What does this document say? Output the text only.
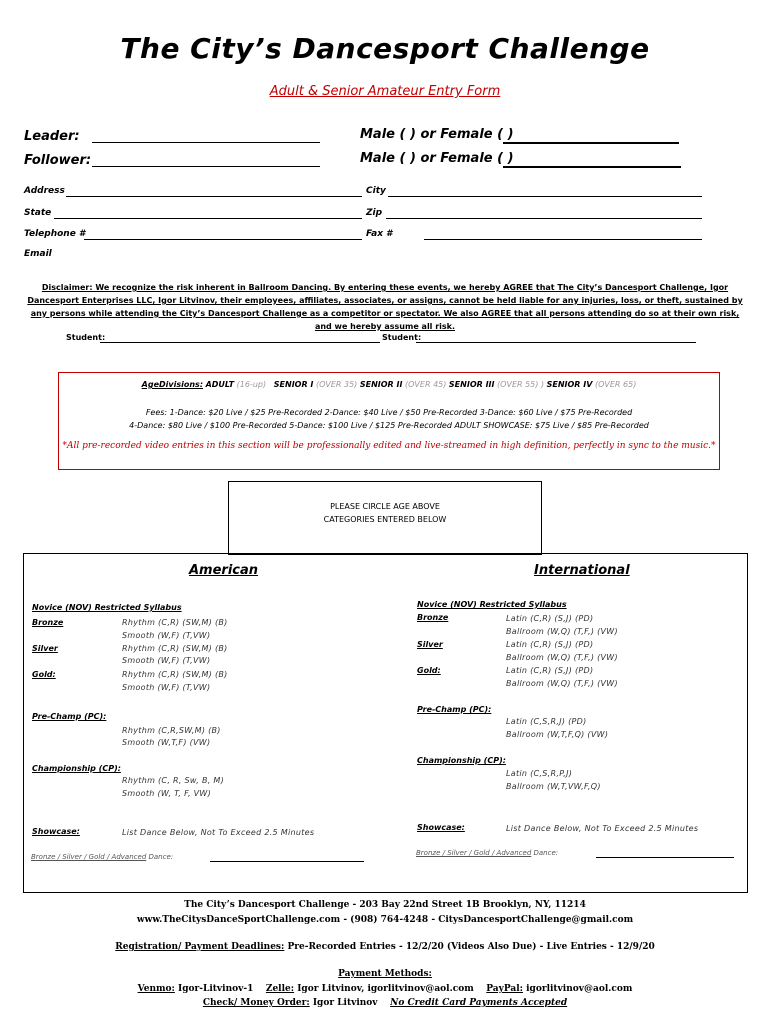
The City’s Dancesport Challenge
Adult & Senior Amateur Entry Form
Leader:	Male ( ) or Female ( )
Follower:	Male ( ) or Female ( )
Address	City
State	Zip
Telephone #	Fax #
Email
Disclaimer: We recognize the risk inherent in Ballroom Dancing. By entering these events, we hereby AGREE that The City’s Dancesport Challenge, Igor Dancesport Enterprises LLC, Igor Litvinov, their employees, affiliates, associates, or assigns, cannot be held liable for any injuries, loss, or theft, sustained by any persons while attending the City’s Dancesport Challenge as a competitor or spectator. We also AGREE that all persons attending do so at their own risk, and we hereby assume all risk.
Student:	Student:
AgeDivisions: ADULT (16-up) SENIOR I (OVER 35) SENIOR II (OVER 45) SENIOR III (OVER 55) ) SENIOR IV (OVER 65)
Fees: 1-Dance: $20 Live / $25 Pre-Recorded 2-Dance: $40 Live / $50 Pre-Recorded 3-Dance: $60 Live / $75 Pre-Recorded
4-Dance: $80 Live / $100 Pre-Recorded 5-Dance: $100 Live / $125 Pre-Recorded ADULT SHOWCASE: $75 Live / $85 Pre-Recorded
*All pre-recorded video entries in this section will be professionally edited and live-streamed in high definition, perfectly in sync to the music.*
PLEASE CIRCLE AGE ABOVE
CATEGORIES ENTERED BELOW
American
Novice (NOV) Restricted Syllabus
Bronze	Rhythm (C,R) (SW,M) (B)
Smooth (W,F) (T,VW)
Silver	Rhythm (C,R) (SW,M) (B)
Smooth (W,F) (T,VW)
Gold:	Rhythm (C,R) (SW,M) (B)
Smooth (W,F) (T,VW)
Pre-Champ (PC):
Rhythm (C,R,SW,M) (B)
Smooth (W,T,F) (VW)
Championship (CP):
Rhythm (C, R, Sw, B, M)
Smooth (W, T, F, VW)
Showcase:	List Dance Below, Not To Exceed 2.5 Minutes
Bronze / Silver / Gold / Advanced Dance:
International
Novice (NOV) Restricted Syllabus
Bronze	Latin (C,R) (S,J) (PD)
Ballroom (W,Q) (T,F,) (VW)
Silver	Latin (C,R) (S,J) (PD)
Ballroom (W,Q) (T,F,) (VW)
Gold:	Latin (C,R) (S,J) (PD)
Ballroom (W,Q) (T,F,) (VW)
Pre-Champ (PC):
Latin (C,S,R,J) (PD)
Ballroom (W,T,F,Q) (VW)
Championship (CP):
Latin (C,S,R,P,J)
Ballroom (W,T,VW,F,Q)
Showcase:	List Dance Below, Not To Exceed 2.5 Minutes
Bronze / Silver / Gold / Advanced Dance:
The City’s Dancesport Challenge - 203 Bay 22nd Street 1B Brooklyn, NY, 11214
www.TheCitysDanceSportChallenge.com - (908) 764-4248 - CitysDancesportChallenge@gmail.com
Registration/ Payment Deadlines: Pre-Recorded Entries - 12/2/20 (Videos Also Due) - Live Entries - 12/9/20
Payment Methods:
Venmo: Igor-Litvinov-1 Zelle: Igor Litvinov, igorlitvinov@aol.com PayPal: igorlitvinov@aol.com
Check/ Money Order: Igor Litvinov No Credit Card Payments Accepted
